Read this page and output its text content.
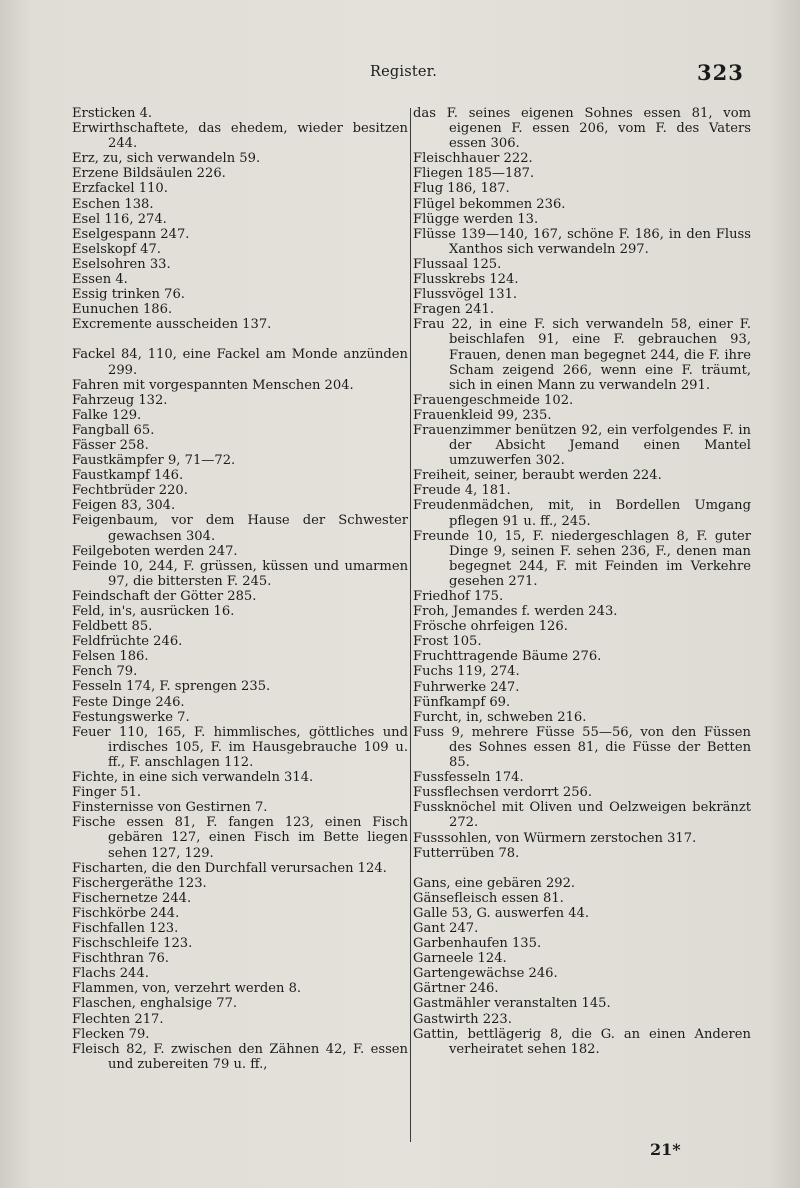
Register.	323
Ersticken 4.
Erwirthschaftete, das ehedem, wieder besitzen 244.
Erz, zu, sich verwandeln 59.
Erzene Bildsäulen 226.
Erzfackel 110.
Eschen 138.
Esel 116, 274.
Eselgespann 247.
Eselskopf 47.
Eselsohren 33.
Essen 4.
Essig trinken 76.
Eunuchen 186.
Excremente ausscheiden 137.
Fackel 84, 110, eine Fackel am Monde anzünden 299.
Fahren mit vorgespannten Menschen 204.
Fahrzeug 132.
Falke 129.
Fangball 65.
Fässer 258.
Faustkämpfer 9, 71—72.
Faustkampf 146.
Fechtbrüder 220.
Feigen 83, 304.
Feigenbaum, vor dem Hause der Schwester gewachsen 304.
Feilgeboten werden 247.
Feinde 10, 244, F. grüssen, küssen und umarmen 97, die bittersten F. 245.
Feindschaft der Götter 285.
Feld, in's, ausrücken 16.
Feldbett 85.
Feldfrüchte 246.
Felsen 186.
Fench 79.
Fesseln 174, F. sprengen 235.
Feste Dinge 246.
Festungswerke 7.
Feuer 110, 165, F. himmlisches, göttliches und irdisches 105, F. im Hausgebrauche 109 u. ff., F. anschlagen 112.
Fichte, in eine sich verwandeln 314.
Finger 51.
Finsternisse von Gestirnen 7.
Fische essen 81, F. fangen 123, einen Fisch gebären 127, einen Fisch im Bette liegen sehen 127, 129.
Fischarten, die den Durchfall verursachen 124.
Fischergeräthe 123.
Fischernetze 244.
Fischkörbe 244.
Fischfallen 123.
Fischschleife 123.
Fischthran 76.
Flachs 244.
Flammen, von, verzehrt werden 8.
Flaschen, enghalsige 77.
Flechten 217.
Flecken 79.
Fleisch 82, F. zwischen den Zähnen 42, F. essen und zubereiten 79 u. ff.,
das F. seines eigenen Sohnes essen 81, vom eigenen F. essen 206, vom F. des Vaters essen 306.
Fleischhauer 222.
Fliegen 185—187.
Flug 186, 187.
Flügel bekommen 236.
Flügge werden 13.
Flüsse 139—140, 167, schöne F. 186, in den Fluss Xanthos sich verwandeln 297.
Flussaal 125.
Flusskrebs 124.
Flussvögel 131.
Fragen 241.
Frau 22, in eine F. sich verwandeln 58, einer F. beischlafen 91, eine F. gebrauchen 93, Frauen, denen man begegnet 244, die F. ihre Scham zeigend 266, wenn eine F. träumt, sich in einen Mann zu verwandeln 291.
Frauengeschmeide 102.
Frauenkleid 99, 235.
Frauenzimmer benützen 92, ein verfolgendes F. in der Absicht Jemand einen Mantel umzuwerfen 302.
Freiheit, seiner, beraubt werden 224.
Freude 4, 181.
Freudenmädchen, mit, in Bordellen Umgang pflegen 91 u. ff., 245.
Freunde 10, 15, F. niedergeschlagen 8, F. guter Dinge 9, seinen F. sehen 236, F., denen man begegnet 244, F. mit Feinden im Verkehre gesehen 271.
Friedhof 175.
Froh, Jemandes f. werden 243.
Frösche ohrfeigen 126.
Frost 105.
Fruchttragende Bäume 276.
Fuchs 119, 274.
Fuhrwerke 247.
Fünfkampf 69.
Furcht, in, schweben 216.
Fuss 9, mehrere Füsse 55—56, von den Füssen des Sohnes essen 81, die Füsse der Betten 85.
Fussfesseln 174.
Fussflechsen verdorrt 256.
Fussknöchel mit Oliven und Oelzweigen bekränzt 272.
Fusssohlen, von Würmern zerstochen 317.
Futterrüben 78.
Gans, eine gebären 292.
Gänsefleisch essen 81.
Galle 53, G. auswerfen 44.
Gant 247.
Garbenhaufen 135.
Garneele 124.
Gartengewächse 246.
Gärtner 246.
Gastmähler veranstalten 145.
Gastwirth 223.
Gattin, bettlägerig 8, die G. an einen Anderen verheiratet sehen 182.
21*
